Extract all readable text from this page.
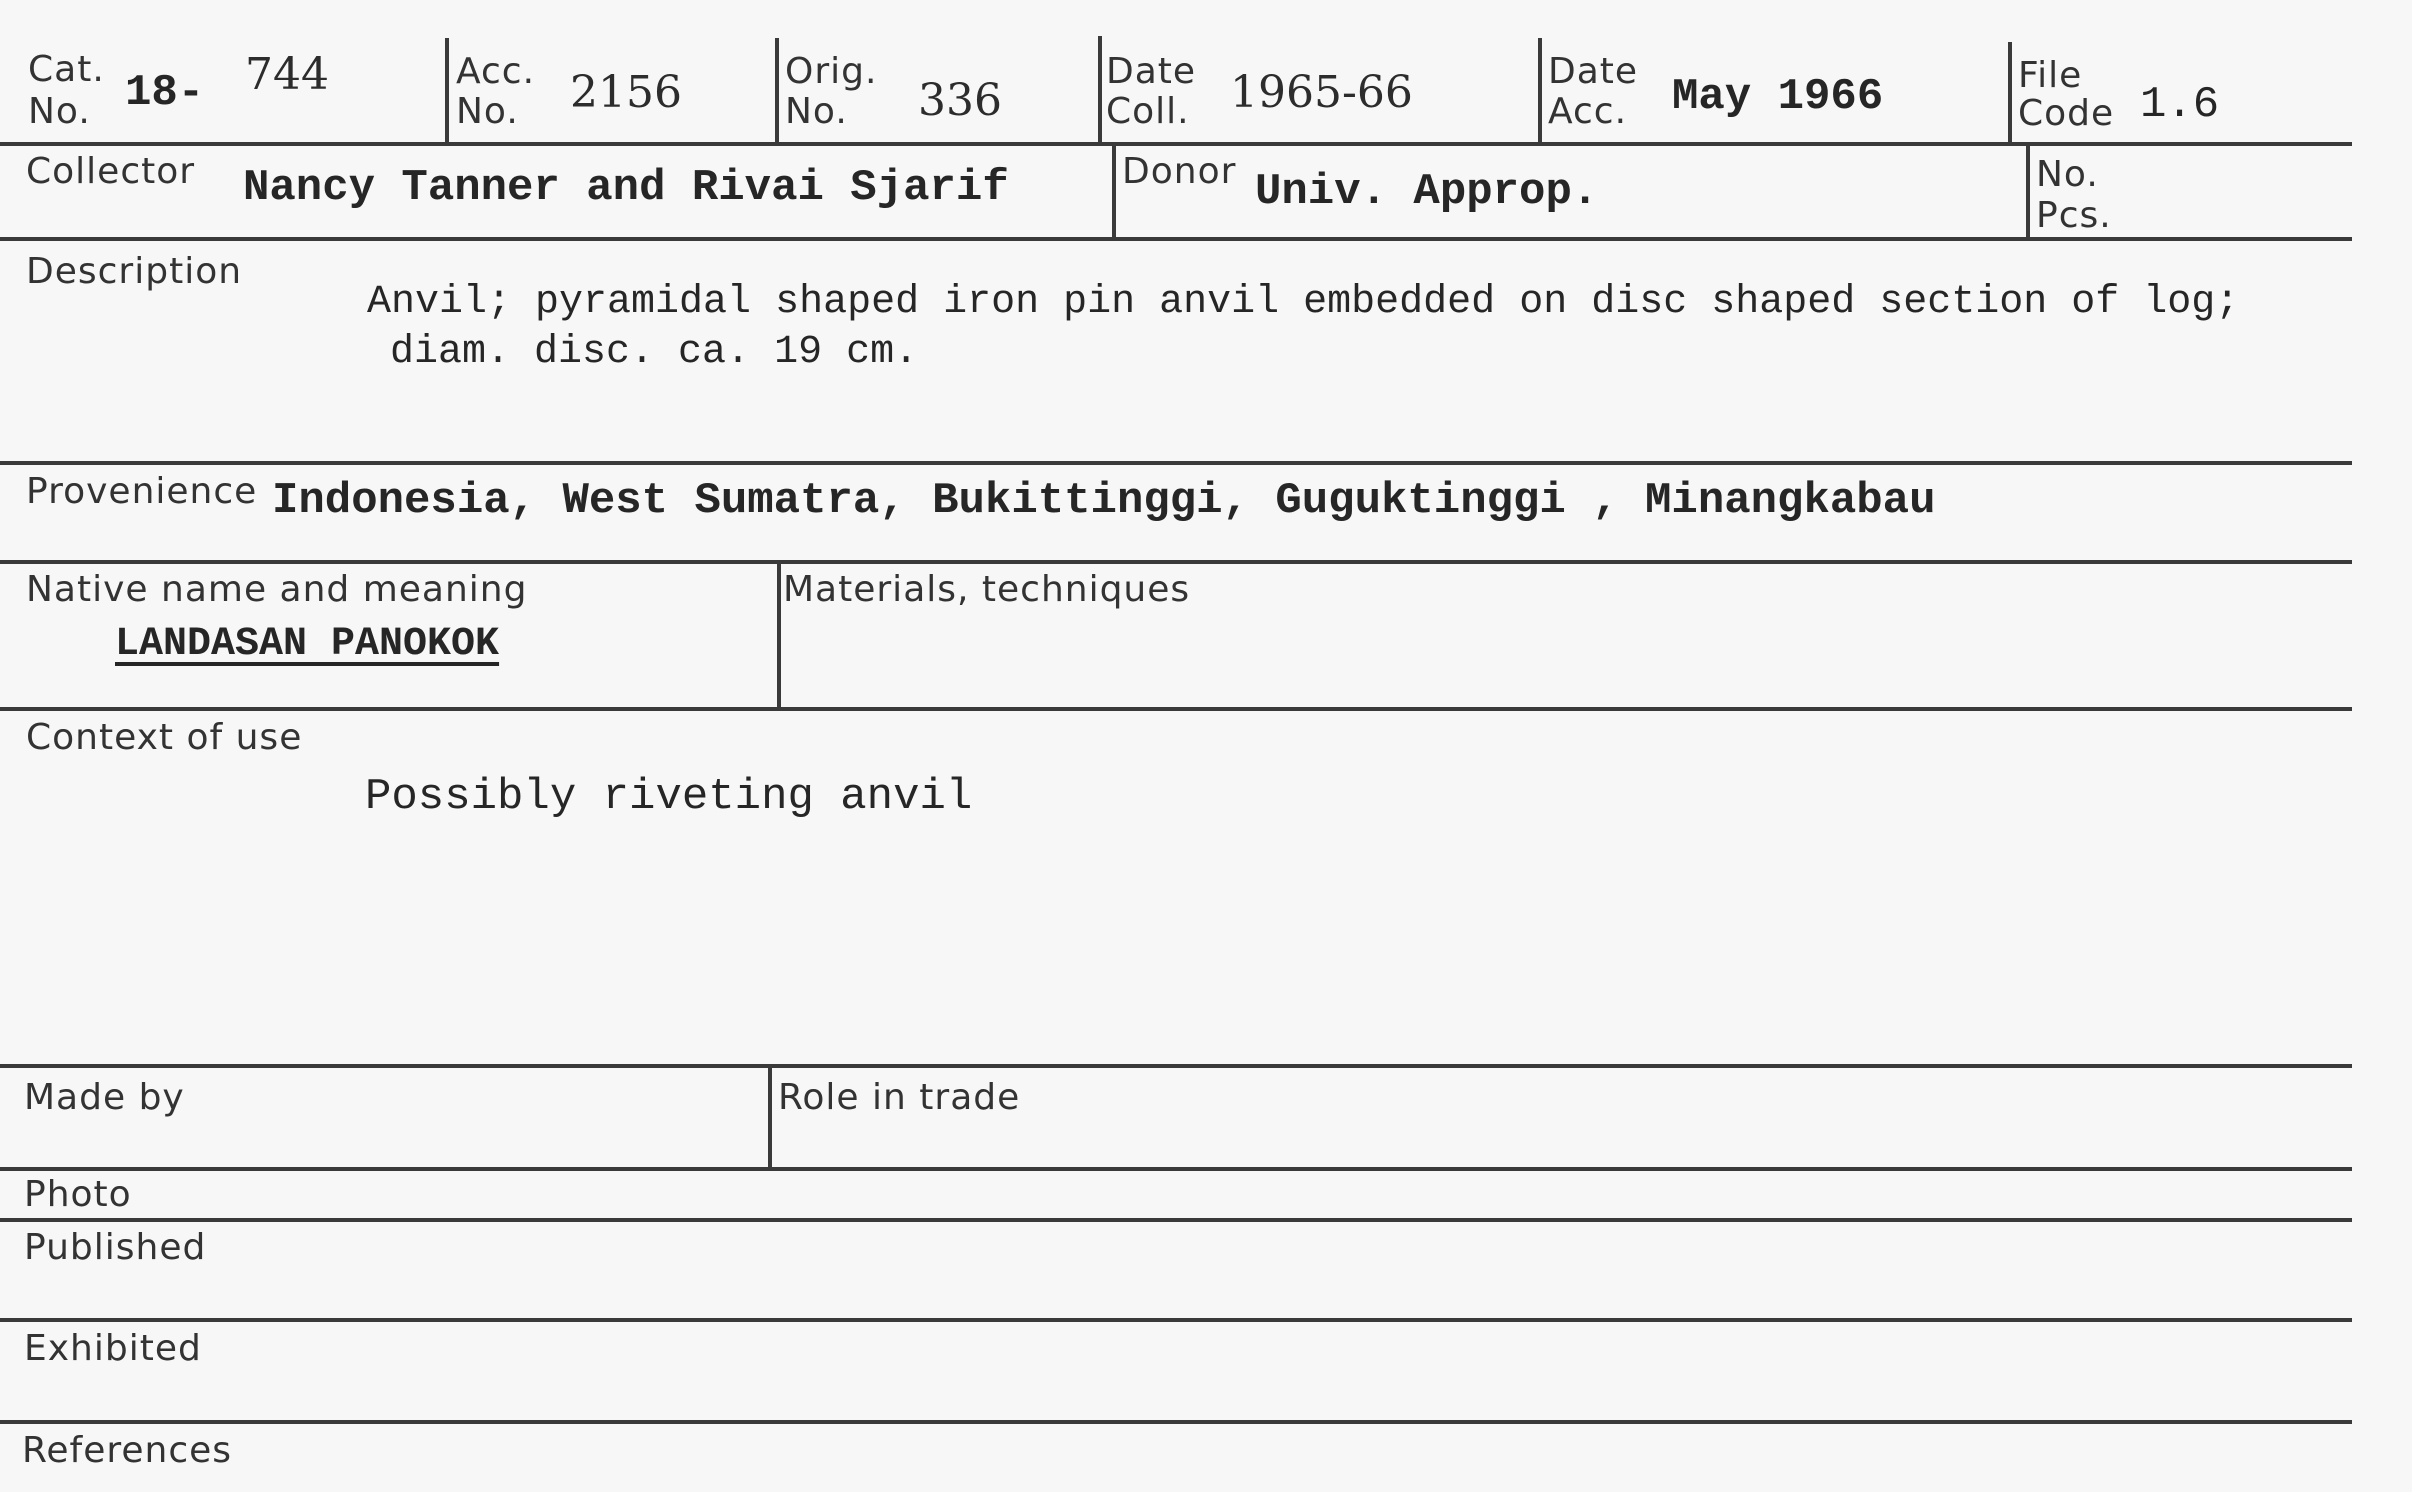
Cat.
No. 18- 744	Acc.
No. 2156	Orig.
No. 336
Date
Coll. 1965-66	Date
Acc. May 1966	File
Code 1.6
Collector Nancy Tanner and Rivai Sjarif	Donor Univ. Approp.	No.
Pcs.
Description
Anvil; pyramidal shaped iron pin anvil embedded on disc shaped section of log;
diam. disc. ca. 19 cm.
Provenience Indonesia, West Sumatra, Bukittinggi, Guguktinggi , Minangkabau
Native name and meaning
LANDASAN PANOKOK
Materials, techniques
Context of use
Possibly riveting anvil
Made by	Role in trade
Photo
Published
Exhibited
References
